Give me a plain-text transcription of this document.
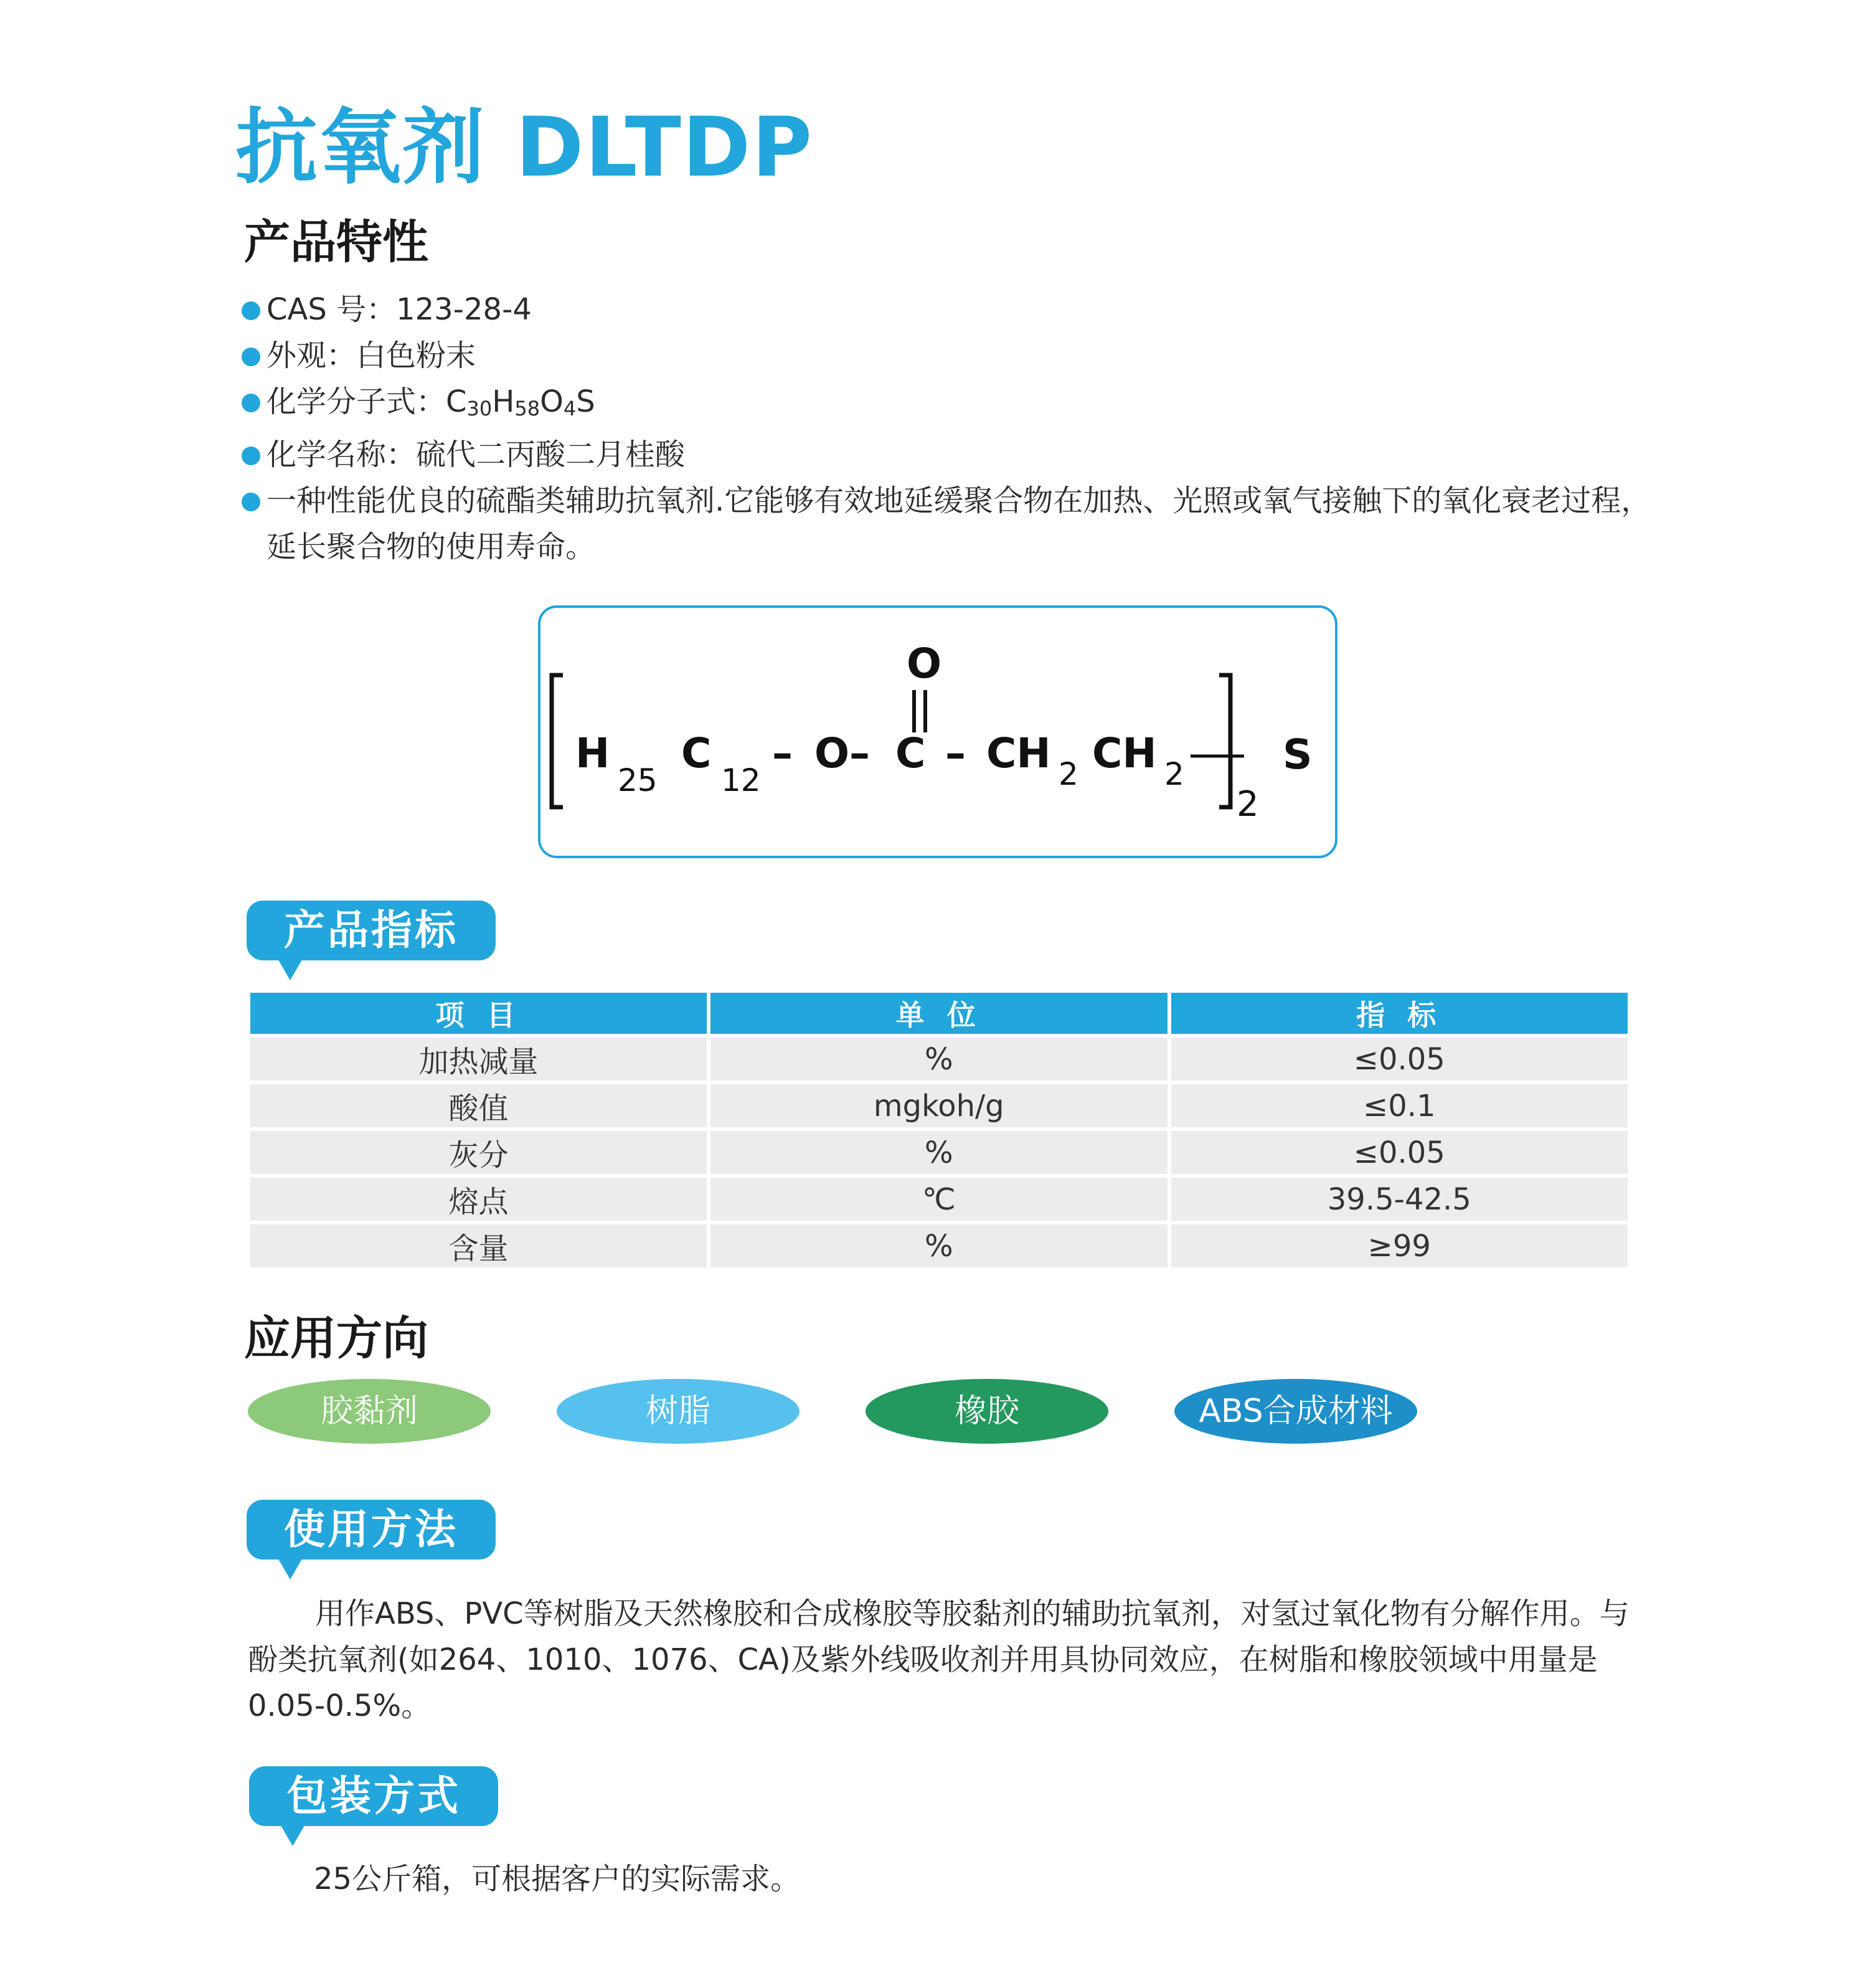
抗氧剂 DLTDP
产品特性
CAS 号：123-28-4
外观：白色粉末
化学分子式：$C_{30}H_{58}O_4S$
化学名称：硫代二丙酸二月桂酸
一种性能优良的硫酯类辅助抗氧剂.它能够有效地延缓聚合物在加热、光照或氧气接触下的氧化衰老过程，延长聚合物的使用寿命。
O
H
25
C
12
– O – C – CH 2 CH 2
2
S
产品指标
项 目	单 位	指 标
加热减量	%	≤0.05
酸值	mgkoh/g	≤0.1
灰分	%	≤0.05
熔点	℃	39.5-42.5
含量	%	≥99
应用方向
胶黏剂	树脂	橡胶	ABS合成材料
使用方法
用作ABS、PVC等树脂及天然橡胶和合成橡胶等胶黏剂的辅助抗氧剂，对氢过氧化物有分解作用。与酚类抗氧剂(如264、1010、1076、CA)及紫外线吸收剂并用具协同效应，在树脂和橡胶领域中用量是0.05-0.5%。
包装方式
25公斤箱，可根据客户的实际需求。
